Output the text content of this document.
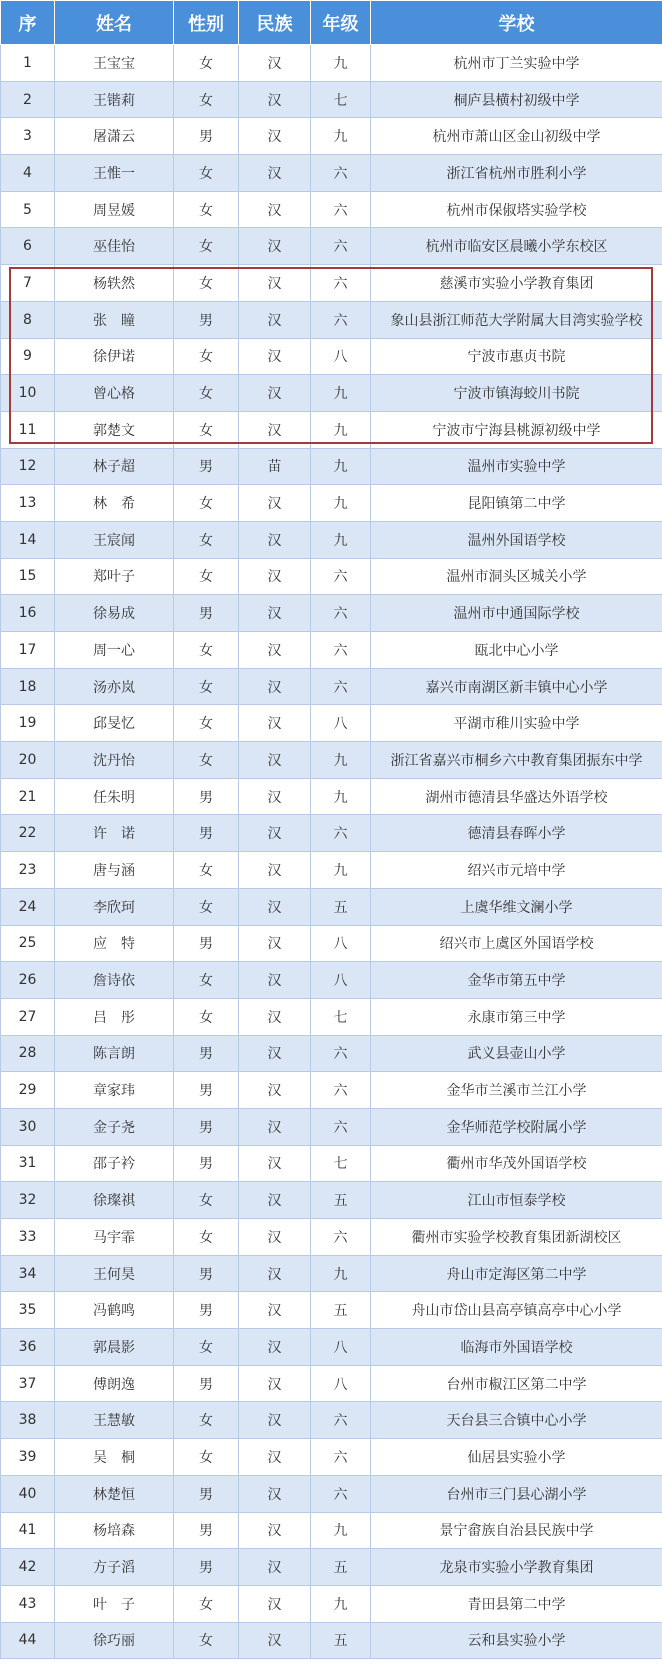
序	姓名	性别	民族	年级	学校
1	王宝宝	女	汉	九	杭州市丁兰实验中学
2	王锴莉	女	汉	七	桐庐县横村初级中学
3	屠潇云	男	汉	九	杭州市萧山区金山初级中学
4	王惟一	女	汉	六	浙江省杭州市胜利小学
5	周昱媛	女	汉	六	杭州市保俶塔实验学校
6	巫佳怡	女	汉	六	杭州市临安区晨曦小学东校区
7	杨轶然	女	汉	六	慈溪市实验小学教育集团
8	张　瞳	男	汉	六	象山县浙江师范大学附属大目湾实验学校
9	徐伊诺	女	汉	八	宁波市惠贞书院
10	曾心格	女	汉	九	宁波市镇海蛟川书院
11	郭楚文	女	汉	九	宁波市宁海县桃源初级中学
12	林子超	男	苗	九	温州市实验中学
13	林　希	女	汉	九	昆阳镇第二中学
14	王宸闻	女	汉	九	温州外国语学校
15	郑叶子	女	汉	六	温州市洞头区城关小学
16	徐易成	男	汉	六	温州市中通国际学校
17	周一心	女	汉	六	瓯北中心小学
18	汤亦岚	女	汉	六	嘉兴市南湖区新丰镇中心小学
19	邱旻忆	女	汉	八	平湖市稚川实验中学
20	沈丹怡	女	汉	九	浙江省嘉兴市桐乡六中教育集团振东中学
21	任朱明	男	汉	九	湖州市德清县华盛达外语学校
22	许　诺	男	汉	六	德清县春晖小学
23	唐与涵	女	汉	九	绍兴市元培中学
24	李欣珂	女	汉	五	上虞华维文澜小学
25	应　特	男	汉	八	绍兴市上虞区外国语学校
26	詹诗依	女	汉	八	金华市第五中学
27	吕　彤	女	汉	七	永康市第三中学
28	陈言朗	男	汉	六	武义县壶山小学
29	章家玮	男	汉	六	金华市兰溪市兰江小学
30	金子尧	男	汉	六	金华师范学校附属小学
31	邵子衿	男	汉	七	衢州市华茂外国语学校
32	徐璨祺	女	汉	五	江山市恒泰学校
33	马宇霏	女	汉	六	衢州市实验学校教育集团新湖校区
34	王何昊	男	汉	九	舟山市定海区第二中学
35	冯鹤鸣	男	汉	五	舟山市岱山县高亭镇高亭中心小学
36	郭晨影	女	汉	八	临海市外国语学校
37	傅朗逸	男	汉	八	台州市椒江区第二中学
38	王慧敏	女	汉	六	天台县三合镇中心小学
39	吴　桐	女	汉	六	仙居县实验小学
40	林楚恒	男	汉	六	台州市三门县心湖小学
41	杨培森	男	汉	九	景宁畲族自治县民族中学
42	方子滔	男	汉	五	龙泉市实验小学教育集团
43	叶　子	女	汉	九	青田县第二中学
44	徐巧丽	女	汉	五	云和县实验小学
